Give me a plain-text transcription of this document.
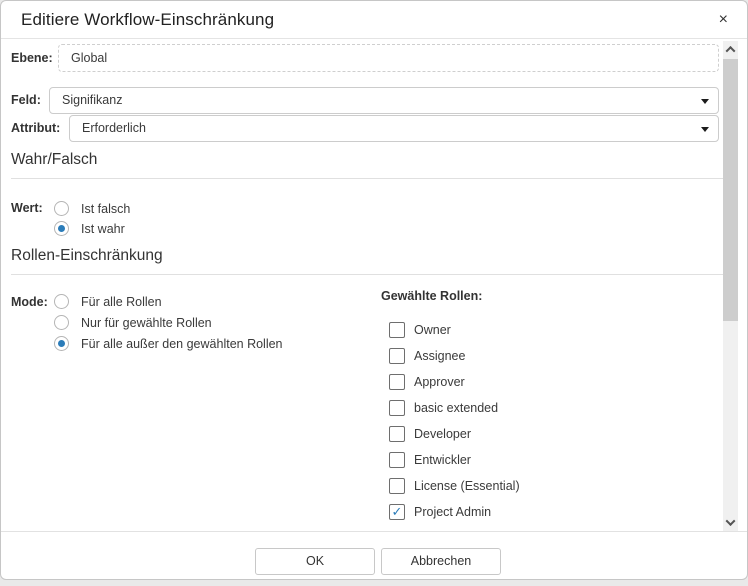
Editiere Workflow-Einschränkung	×
Ebene: Global
Feld: Signifikanz
Attribut: Erforderlich
Wahr/Falsch
Wert:	Ist falsch
Ist wahr
Rollen-Einschränkung
Mode:	Für alle Rollen
Nur für gewählte Rollen
Für alle außer den gewählten Rollen
Gewählte Rollen:
Owner
Assignee
Approver
basic extended
Developer
Entwickler
License (Essential)
✓ Project Admin
OK	Abbrechen
